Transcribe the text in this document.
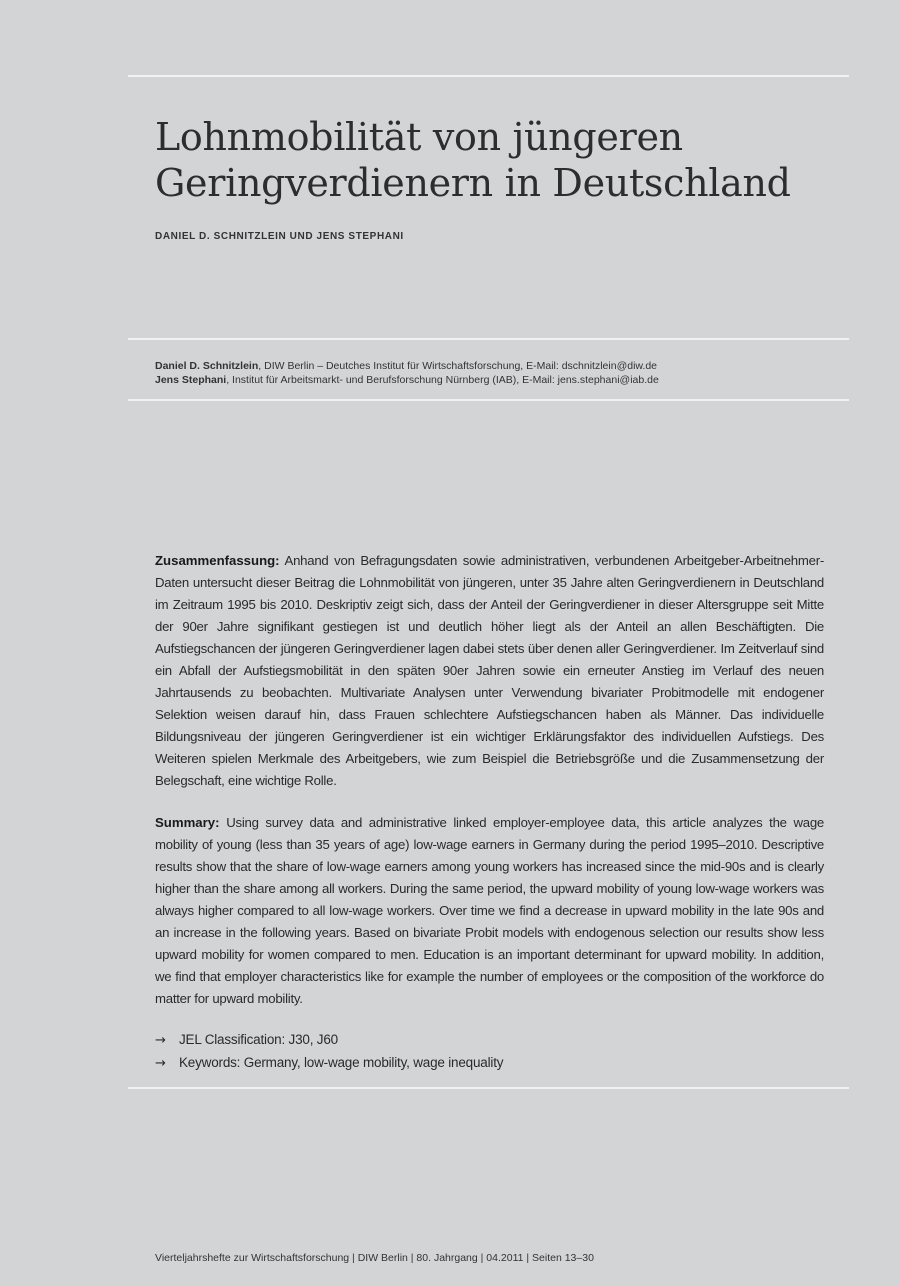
Lohnmobilität von jüngeren
Geringverdienern in Deutschland

DANIEL D. SCHNITZLEIN UND JENS STEPHANI

Daniel D. Schnitzlein, DIW Berlin – Deutches Institut für Wirtschaftsforschung, E-Mail: dschnitzlein@diw.de
Jens Stephani, Institut für Arbeitsmarkt- und Berufsforschung Nürnberg (IAB), E-Mail: jens.stephani@iab.de

Zusammenfassung: Anhand von Befragungsdaten sowie administrativen, verbundenen Arbeitgeber-Arbeitnehmer-Daten untersucht dieser Beitrag die Lohnmobilität von jüngeren, unter 35 Jahre alten Geringverdienern in Deutschland im Zeitraum 1995 bis 2010. Deskriptiv zeigt sich, dass der Anteil der Geringverdiener in dieser Altersgruppe seit Mitte der 90er Jahre signifikant gestiegen ist und deutlich höher liegt als der Anteil an allen Beschäftigten. Die Aufstiegschancen der jüngeren Geringverdiener lagen dabei stets über denen aller Geringverdiener. Im Zeitverlauf sind ein Abfall der Aufstiegsmobilität in den späten 90er Jahren sowie ein erneuter Anstieg im Verlauf des neuen Jahrtausends zu beobachten. Multivariate Analysen unter Verwendung bivariater Probitmodelle mit endogener Selektion weisen darauf hin, dass Frauen schlechtere Aufstiegschancen haben als Männer. Das individuelle Bildungsniveau der jüngeren Geringverdiener ist ein wichtiger Erklärungsfaktor des individuellen Aufstiegs. Des Weiteren spielen Merkmale des Arbeitgebers, wie zum Beispiel die Betriebsgröße und die Zusammensetzung der Belegschaft, eine wichtige Rolle.

Summary: Using survey data and administrative linked employer-employee data, this article analyzes the wage mobility of young (less than 35 years of age) low-wage earners in Germany during the period 1995–2010. Descriptive results show that the share of low-wage earners among young workers has increased since the mid-90s and is clearly higher than the share among all workers. During the same period, the upward mobility of young low-wage workers was always higher compared to all low-wage workers. Over time we find a decrease in upward mobility in the late 90s and an increase in the following years. Based on bivariate Probit models with endogenous selection our results show less upward mobility for women compared to men. Education is an important determinant for upward mobility. In addition, we find that employer characteristics like for example the number of employees or the composition of the workforce do matter for upward mobility.

→ JEL Classification: J30, J60
→ Keywords: Germany, low-wage mobility, wage inequality
Vierteljahrshefte zur Wirtschaftsforschung | DIW Berlin | 80. Jahrgang | 04.2011 | Seiten 13–30
